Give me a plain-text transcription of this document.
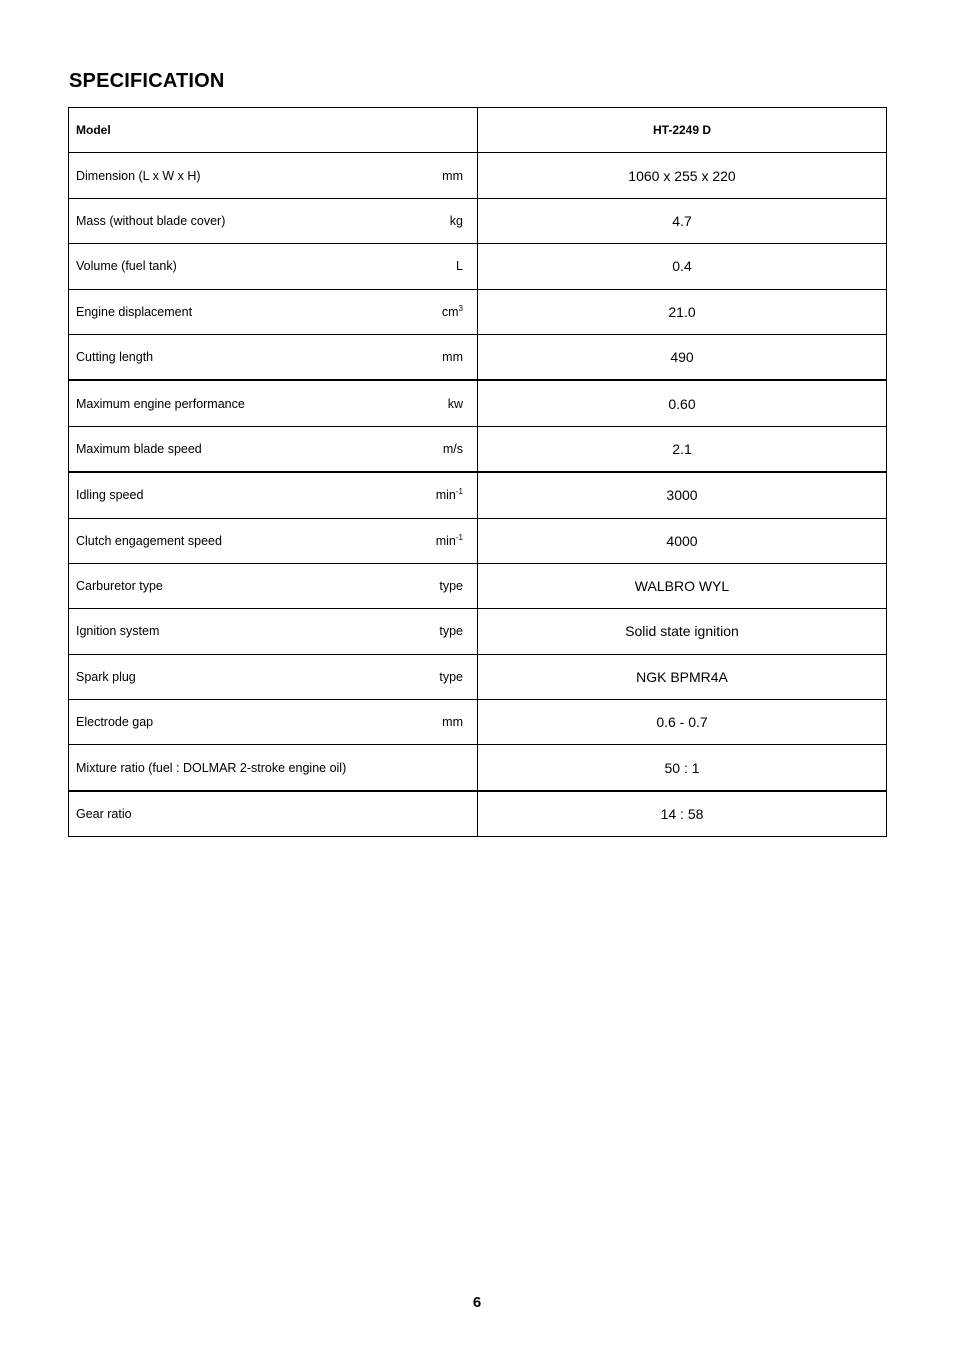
SPECIFICATION
Model	HT-2249 D

Dimension (L x W x H) mm	1060 x 255 x 220

Mass (without blade cover) kg	4.7

Volume (fuel tank) L	0.4

Engine displacement $cm^3$	21.0

Cutting length mm	490

Maximum engine performance kw	0.60

Maximum blade speed m/s	2.1

Idling speed $\min^{-1}$	3000

Clutch engagement speed $\min^{-1}$	4000

Carburetor type type	WALBRO WYL

Ignition system type	Solid state ignition

Spark plug type	NGK BPMR4A

Electrode gap mm	0.6 - 0.7

Mixture ratio (fuel : DOLMAR 2-stroke engine oil)	50 : 1

Gear ratio	14 : 58
6
